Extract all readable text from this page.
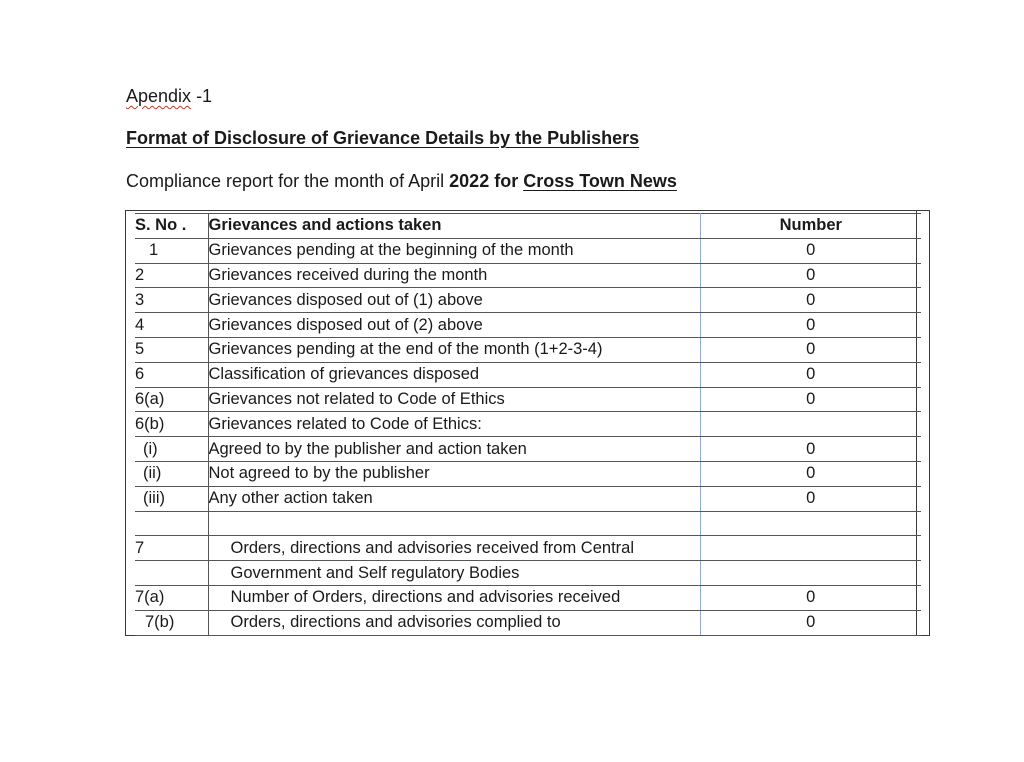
Apendix -1
Format of Disclosure of Grievance Details by the Publishers
Compliance report for the month of April 2022 for Cross Town News
S. No .	Grievances and actions taken	Number
1	Grievances pending at the beginning of the month	0
2	Grievances received during the month	0
3	Grievances disposed out of (1) above	0
4	Grievances disposed out of (2) above	0
5	Grievances pending at the end of the month (1+2-3-4)	0
6	Classification of grievances disposed	0
6(a)	Grievances not related to Code of Ethics	0
6(b)	Grievances related to Code of Ethics:	
(i)	Agreed to by the publisher and action taken	0
(ii)	Not agreed to by the publisher	0
(iii)	Any other action taken	0

7	Orders, directions and advisories received from Central	
	Government and Self regulatory Bodies	
7(a)	Number of Orders, directions and advisories received	0
7(b)	Orders, directions and advisories complied to	0
